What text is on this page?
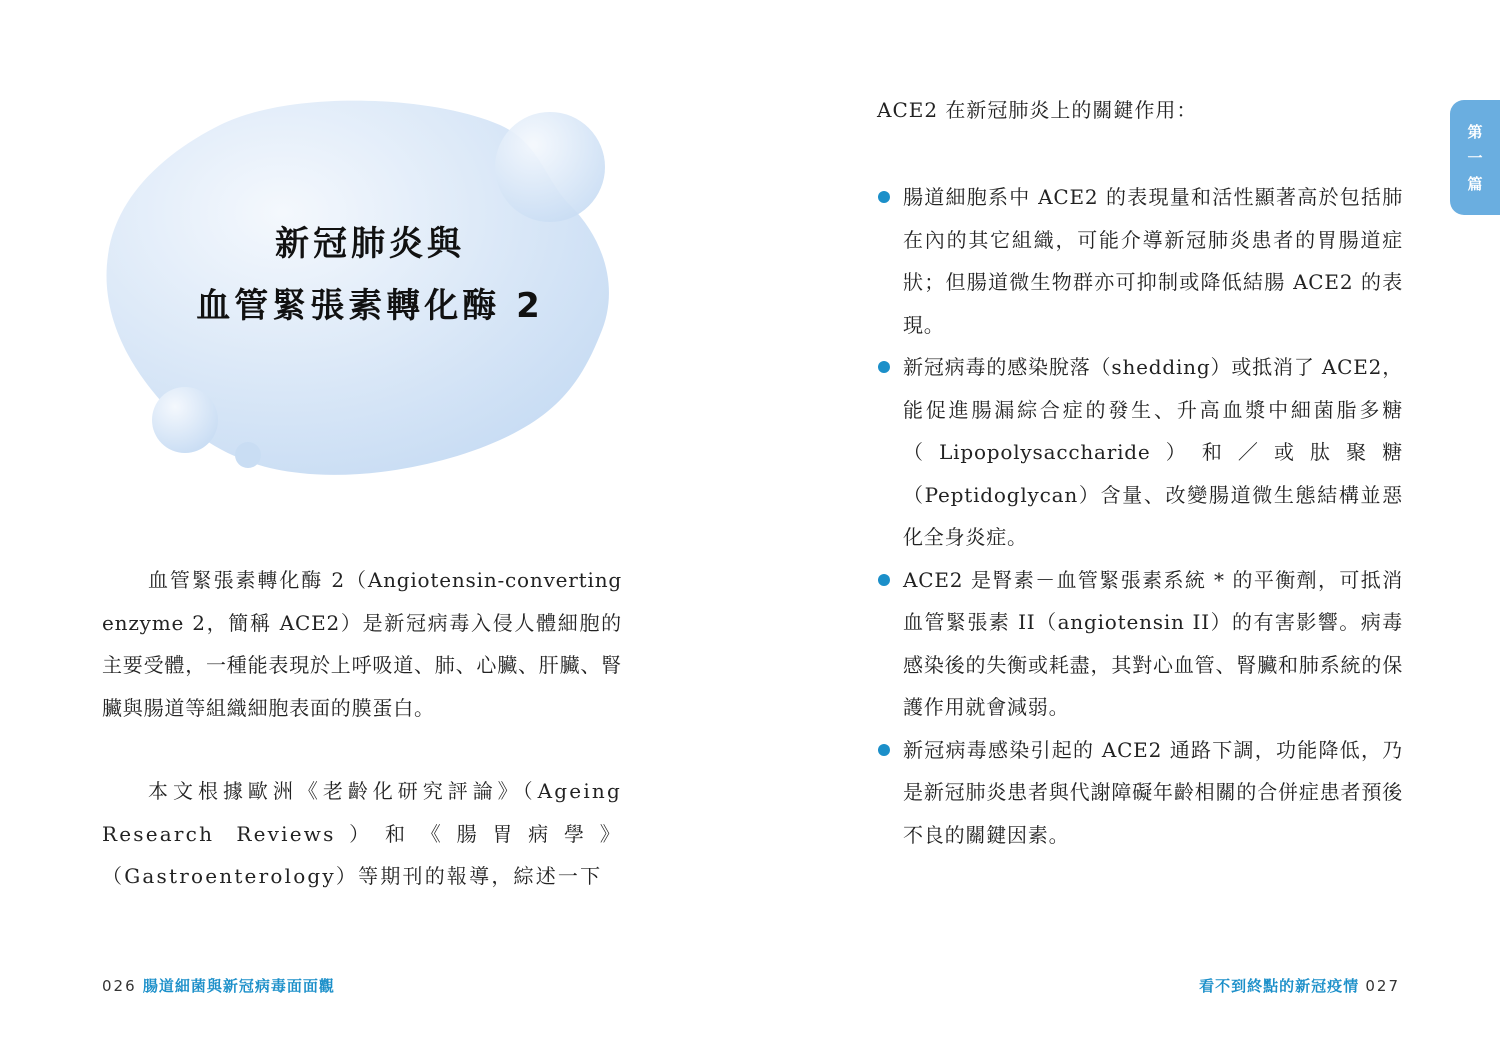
新冠肺炎與
血管緊張素轉化酶 2
血管緊張素轉化酶 2（Angiotensin-converting enzyme 2，簡稱 ACE2）是新冠病毒入侵人體細胞的主要受體，一種能表現於上呼吸道、肺、心臟、肝臟、腎臟與腸道等組織細胞表面的膜蛋白。
本文根據歐洲《老齡化研究評論》（Ageing Research Reviews）和《腸胃病學》（Gastroenterology）等期刊的報導，綜述一下
026 腸道細菌與新冠病毒面面觀
ACE2 在新冠肺炎上的關鍵作用：
腸道細胞系中 ACE2 的表現量和活性顯著高於包括肺在內的其它組織，可能介導新冠肺炎患者的胃腸道症狀；但腸道微生物群亦可抑制或降低結腸 ACE2 的表現。
新冠病毒的感染脫落（shedding）或抵消了 ACE2，能促進腸漏綜合症的發生、升高血漿中細菌脂多糖（Lipopolysaccharide）和／或肽聚糖（Peptidoglycan）含量、改變腸道微生態結構並惡化全身炎症。
ACE2 是腎素－血管緊張素系統 * 的平衡劑，可抵消血管緊張素 II（angiotensin II）的有害影響。病毒感染後的失衡或耗盡，其對心血管、腎臟和肺系統的保護作用就會減弱。
新冠病毒感染引起的 ACE2 通路下調，功能降低，乃是新冠肺炎患者與代謝障礙年齡相關的合併症患者預後不良的關鍵因素。
第
一
篇
看不到終點的新冠疫情 027
